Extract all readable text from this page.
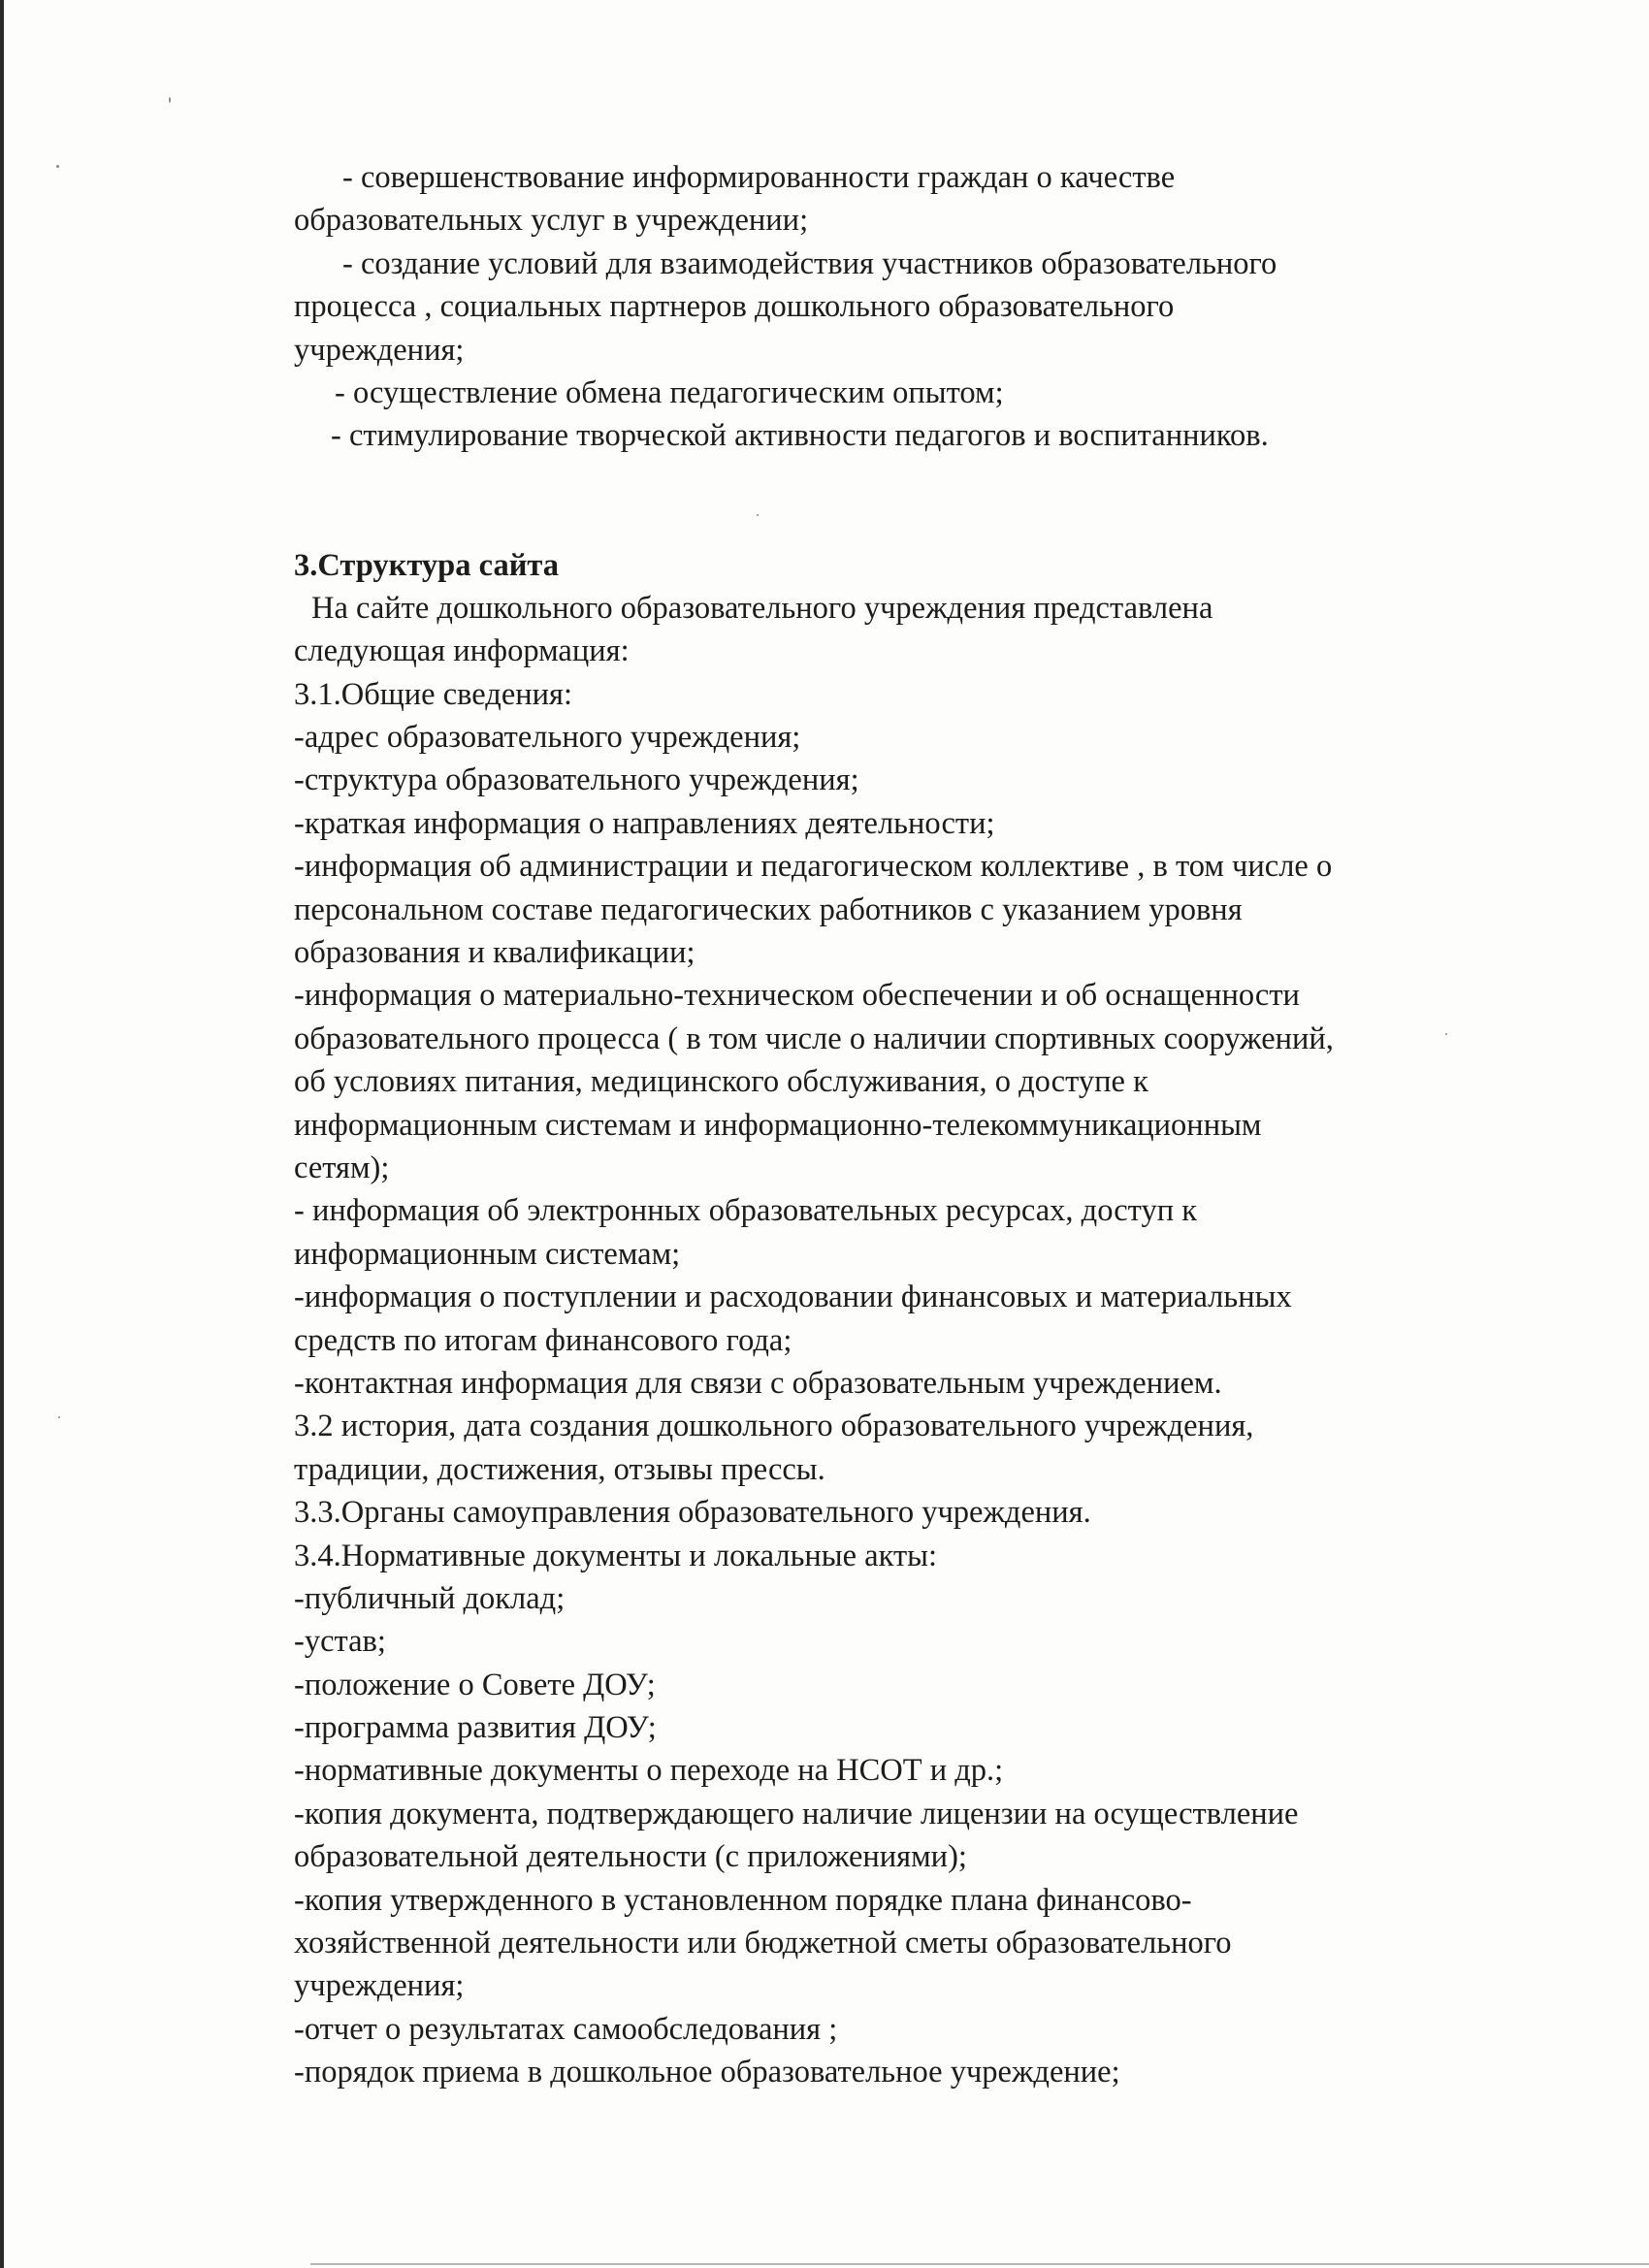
- совершенствование информированности граждан о качестве
образовательных услуг в учреждении;
- создание условий для взаимодействия участников образовательного
процесса , социальных партнеров дошкольного образовательного
учреждения;
- осуществление обмена педагогическим опытом;
- стимулирование творческой активности педагогов и воспитанников.
3.Структура сайта
На сайте дошкольного образовательного учреждения представлена
следующая информация:
3.1.Общие сведения:
-адрес образовательного учреждения;
-структура образовательного учреждения;
-краткая информация о направлениях деятельности;
-информация об администрации и педагогическом коллективе , в том числе о
персональном составе педагогических работников с указанием уровня
образования и квалификации;
-информация о материально-техническом обеспечении и об оснащенности
образовательного процесса ( в том числе о наличии спортивных сооружений,
об условиях питания, медицинского обслуживания, о доступе к
информационным системам и информационно-телекоммуникационным
сетям);
- информация об электронных образовательных ресурсах, доступ к
информационным системам;
-информация о поступлении и расходовании финансовых и материальных
средств по итогам финансового года;
-контактная информация для связи с образовательным учреждением.
3.2 история, дата создания дошкольного образовательного учреждения,
традиции, достижения, отзывы прессы.
3.3.Органы самоуправления образовательного учреждения.
3.4.Нормативные документы и локальные акты:
-публичный доклад;
-устав;
-положение о Совете ДОУ;
-программа развития ДОУ;
-нормативные документы о переходе на НСОТ и др.;
-копия документа, подтверждающего наличие лицензии на осуществление
образовательной деятельности (с приложениями);
-копия утвержденного в установленном порядке плана финансово-
хозяйственной деятельности или бюджетной сметы образовательного
учреждения;
-отчет о результатах самообследования ;
-порядок приема в дошкольное образовательное учреждение;
